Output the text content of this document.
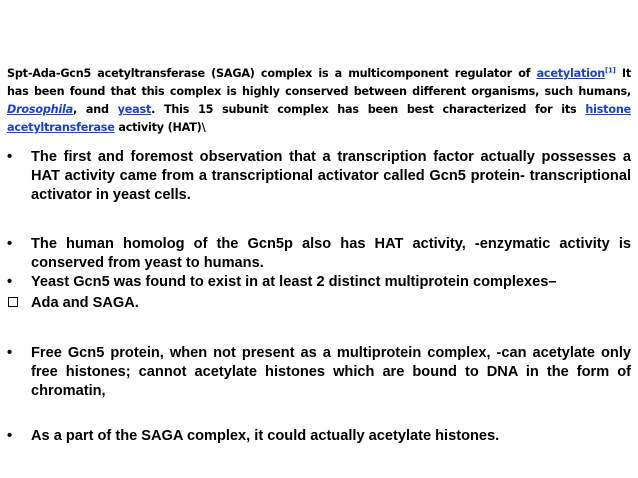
Spt-Ada-Gcn5 acetyltransferase (SAGA) complex is a multicomponent regulator of acetylation[1] It has been found that this complex is highly conserved between different organisms, such humans, Drosophila, and yeast. This 15 subunit complex has been best characterized for its histone acetyltransferase activity (HAT)\

•	The first and foremost observation that a transcription factor actually possesses a HAT activity came from a transcriptional activator called Gcn5 protein- transcriptional activator in yeast cells.
•	The human homolog of the Gcn5p also has HAT activity, -enzymatic activity is conserved from yeast to humans.
•	Yeast Gcn5 was found to exist in at least 2 distinct multiprotein complexes–
Ada and SAGA.
•	Free Gcn5 protein, when not present as a multiprotein complex, -can acetylate only free histones; cannot acetylate histones which are bound to DNA in the form of chromatin,
•	As a part of the SAGA complex, it could actually acetylate histones.
